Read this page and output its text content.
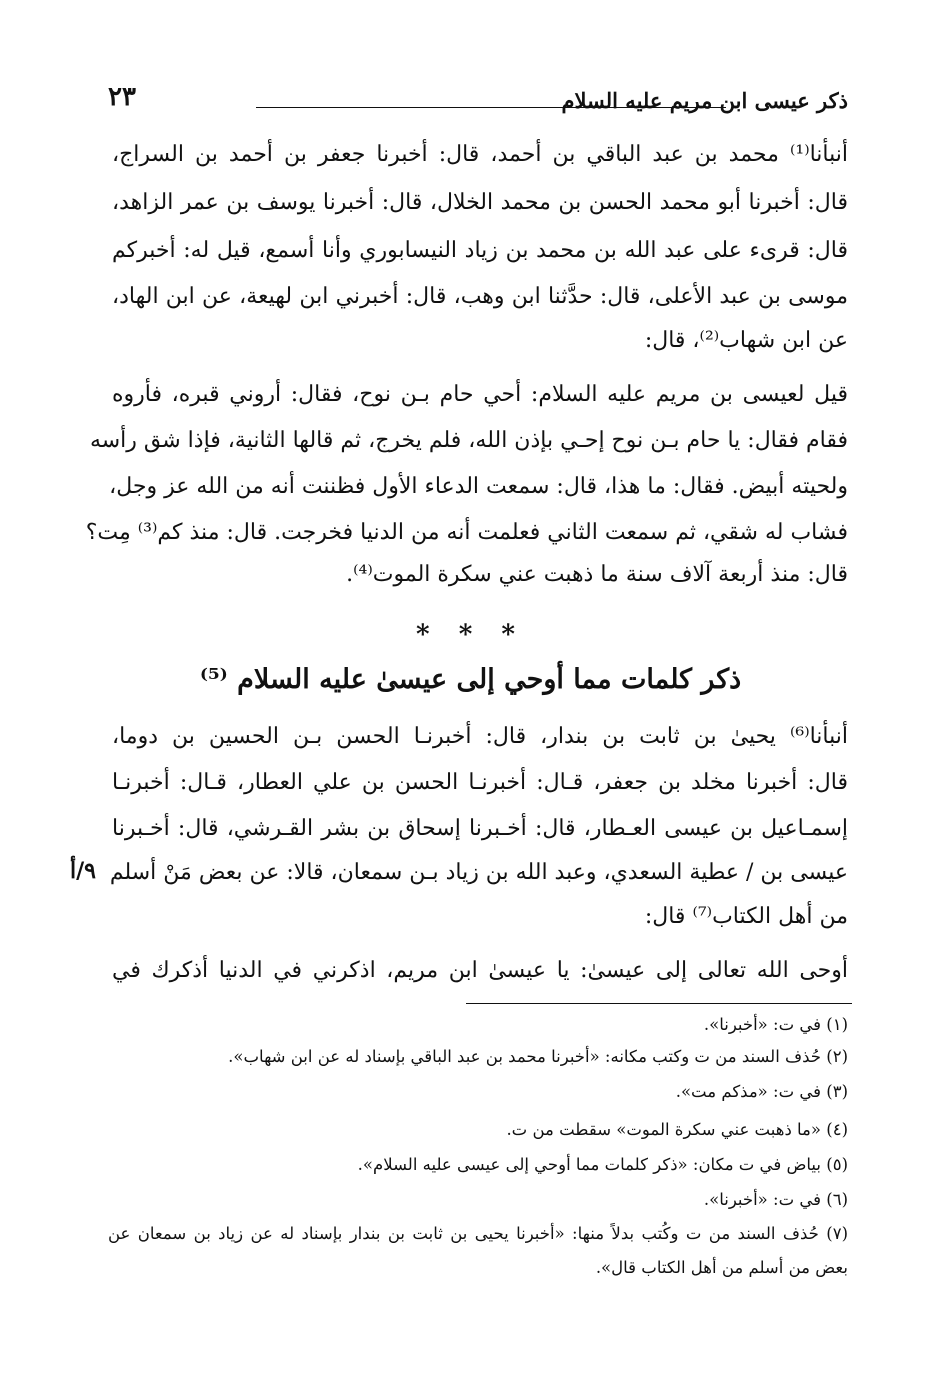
٢٣	ذكر عيسى ابن مريم عليه السلام
أنبأنا⁽¹⁾ محمد بن عبد الباقي بن أحمد، قال: أخبرنا جعفر بن أحمد بن السراج،
قال: أخبرنا أبو محمد الحسن بن محمد الخلال، قال: أخبرنا يوسف بن عمر الزاهد،
قال: قرىء على عبد الله بن محمد بن زياد النيسابوري وأنا أسمع، قيل له: أخبركم
موسى بن عبد الأعلى، قال: حدَّثنا ابن وهب، قال: أخبرني ابن لهيعة، عن ابن الهاد،
عن ابن شهاب⁽²⁾، قال:
قيل لعيسى بن مريم عليه السلام: أحي حام بـن نوح، فقال: أروني قبره، فأروه
فقام فقال: يا حام بـن نوح إحـي بإذن الله، فلم يخرج، ثم قالها الثانية، فإذا شق رأسه
ولحيته أبيض. فقال: ما هذا، قال: سمعت الدعاء الأول فظننت أنه من الله عز وجل،
فشاب له شقي، ثم سمعت الثاني فعلمت أنه من الدنيا فخرجت. قال: منذ كم⁽³⁾ مِت؟
قال: منذ أربعة آلاف سنة ما ذهبت عني سكرة الموت⁽⁴⁾.
* * *
ذكر كلمات مما أوحي إلى عيسىٰ عليه السلام ⁽⁵⁾
أنبأنا⁽⁶⁾ يحيىٰ بن ثابت بن بندار، قال: أخبرنـا الحسن بـن الحسين بن دوما،
قال: أخبرنا مخلد بن جعفر، قـال: أخبرنـا الحسن بن علي العطار، قـال: أخبرنـا
إسمـاعيل بن عيسى العـطار، قال: أخـبرنا إسحاق بن بشر القـرشي، قال: أخـبرنا
عيسى بن / عطية السعدي، وعبد الله بن زياد بـن سمعان، قالا: عن بعض مَنْ أسلم
من أهل الكتاب⁽⁷⁾ قال:
٩/أ
أوحى الله تعالى إلى عيسىٰ: يا عيسىٰ ابن مريم، اذكرني في الدنيا أذكرك في
(١) في ت: «أخبرنا».
(٢) حُذف السند من ت وكتب مكانه: «أخبرنا محمد بن عبد الباقي بإسناد له عن ابن شهاب».
(٣) في ت: «مذكم مت».
(٤) «ما ذهبت عني سكرة الموت» سقطت من ت.
(٥) بياض في ت مكان: «ذكر كلمات مما أوحي إلى عيسى عليه السلام».
(٦) في ت: «أخبرنا».
(٧) حُذف السند من ت وكُتب بدلاً منها: «أخبرنا يحيى بن ثابت بن بندار بإسناد له عن زياد بن سمعان عن
بعض من أسلم من أهل الكتاب قال».
